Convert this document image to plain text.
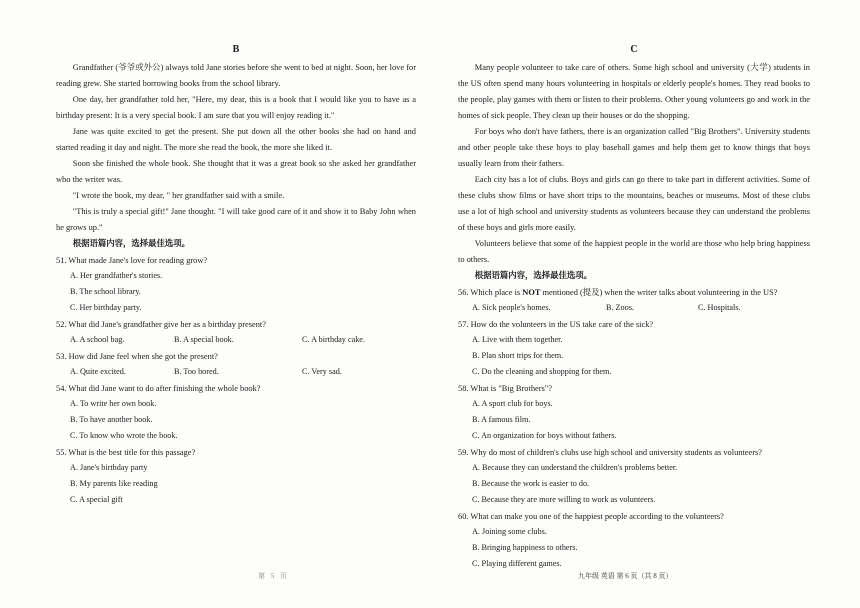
B

Grandfather (爷爷或外公) always told Jane stories before she went to bed at night. Soon, her love for reading grew. She started borrowing books from the school library.

One day, her grandfather told her, "Here, my dear, this is a book that I would like you to have as a birthday present: It is a very special book. I am sure that you will enjoy reading it."

Jane was quite excited to get the present. She put down all the other books she had on hand and started reading it day and night. The more she read the book, the more she liked it.

Soon she finished the whole book. She thought that it was a great book so she asked her grandfather who the writer was.

"I wrote the book, my dear, " her grandfather said with a smile.

"This is truly a special gift!" Jane thought. "I will take good care of it and show it to Baby John when he grows up."

根据语篇内容，选择最佳选项。
51. What made Jane's love for reading grow?
A. Her grandfather's stories.
B. The school library.
C. Her birthday party.
52. What did Jane's grandfather give her as a birthday present?
A. A school bag.	B. A special book.	C. A birthday cake.
53. How did Jane feel when she got the present?
A. Quite excited.	B. Too bored.	C. Very sad.
54. What did Jane want to do after finishing the whole book?
A. To write her own book.
B. To have another book.
C. To know who wrote the book.
55. What is the best title for this passage?
A. Jane's birthday party
B. My parents like reading
C. A special gift
C

Many people volunteer to take care of others. Some high school and university (大学) students in the US often spend many hours volunteering in hospitals or elderly people's homes. They read books to the people, play games with them or listen to their problems. Other young volunteers go and work in the homes of sick people. They clean up their houses or do the shopping.

For boys who don't have fathers, there is an organization called "Big Brothers". University students and other people take these boys to play baseball games and help them get to know things that boys usually learn from their fathers.

Each city has a lot of clubs. Boys and girls can go there to take part in different activities. Some of these clubs show films or have short trips to the mountains, beaches or museums. Most of these clubs use a lot of high school and university students as volunteers because they can understand the problems of these boys and girls more easily.

Volunteers believe that some of the happiest people in the world are those who help bring happiness to others.

根据语篇内容，选择最佳选项。
56. Which place is NOT mentioned (提及) when the writer talks about volunteering in the US?
A. Sick people's homes.	B. Zoos.	C. Hospitals.
57. How do the volunteers in the US take care of the sick?
A. Live with them together.
B. Plan short trips for them.
C. Do the cleaning and shopping for them.
58. What is "Big Brothers"?
A. A sport club for boys.
B. A famous film.
C. An organization for boys without fathers.
59. Why do most of children's clubs use high school and university students as volunteers?
A. Because they can understand the children's problems better.
B. Because the work is easier to do.
C. Because they are more willing to work as volunteers.
60. What can make you one of the happiest people according to the volunteers?
A. Joining some clubs.
B. Bringing happiness to others.
C. Playing different games.
第 5 页	九年级 英语 第 6 页（共 8 页）
